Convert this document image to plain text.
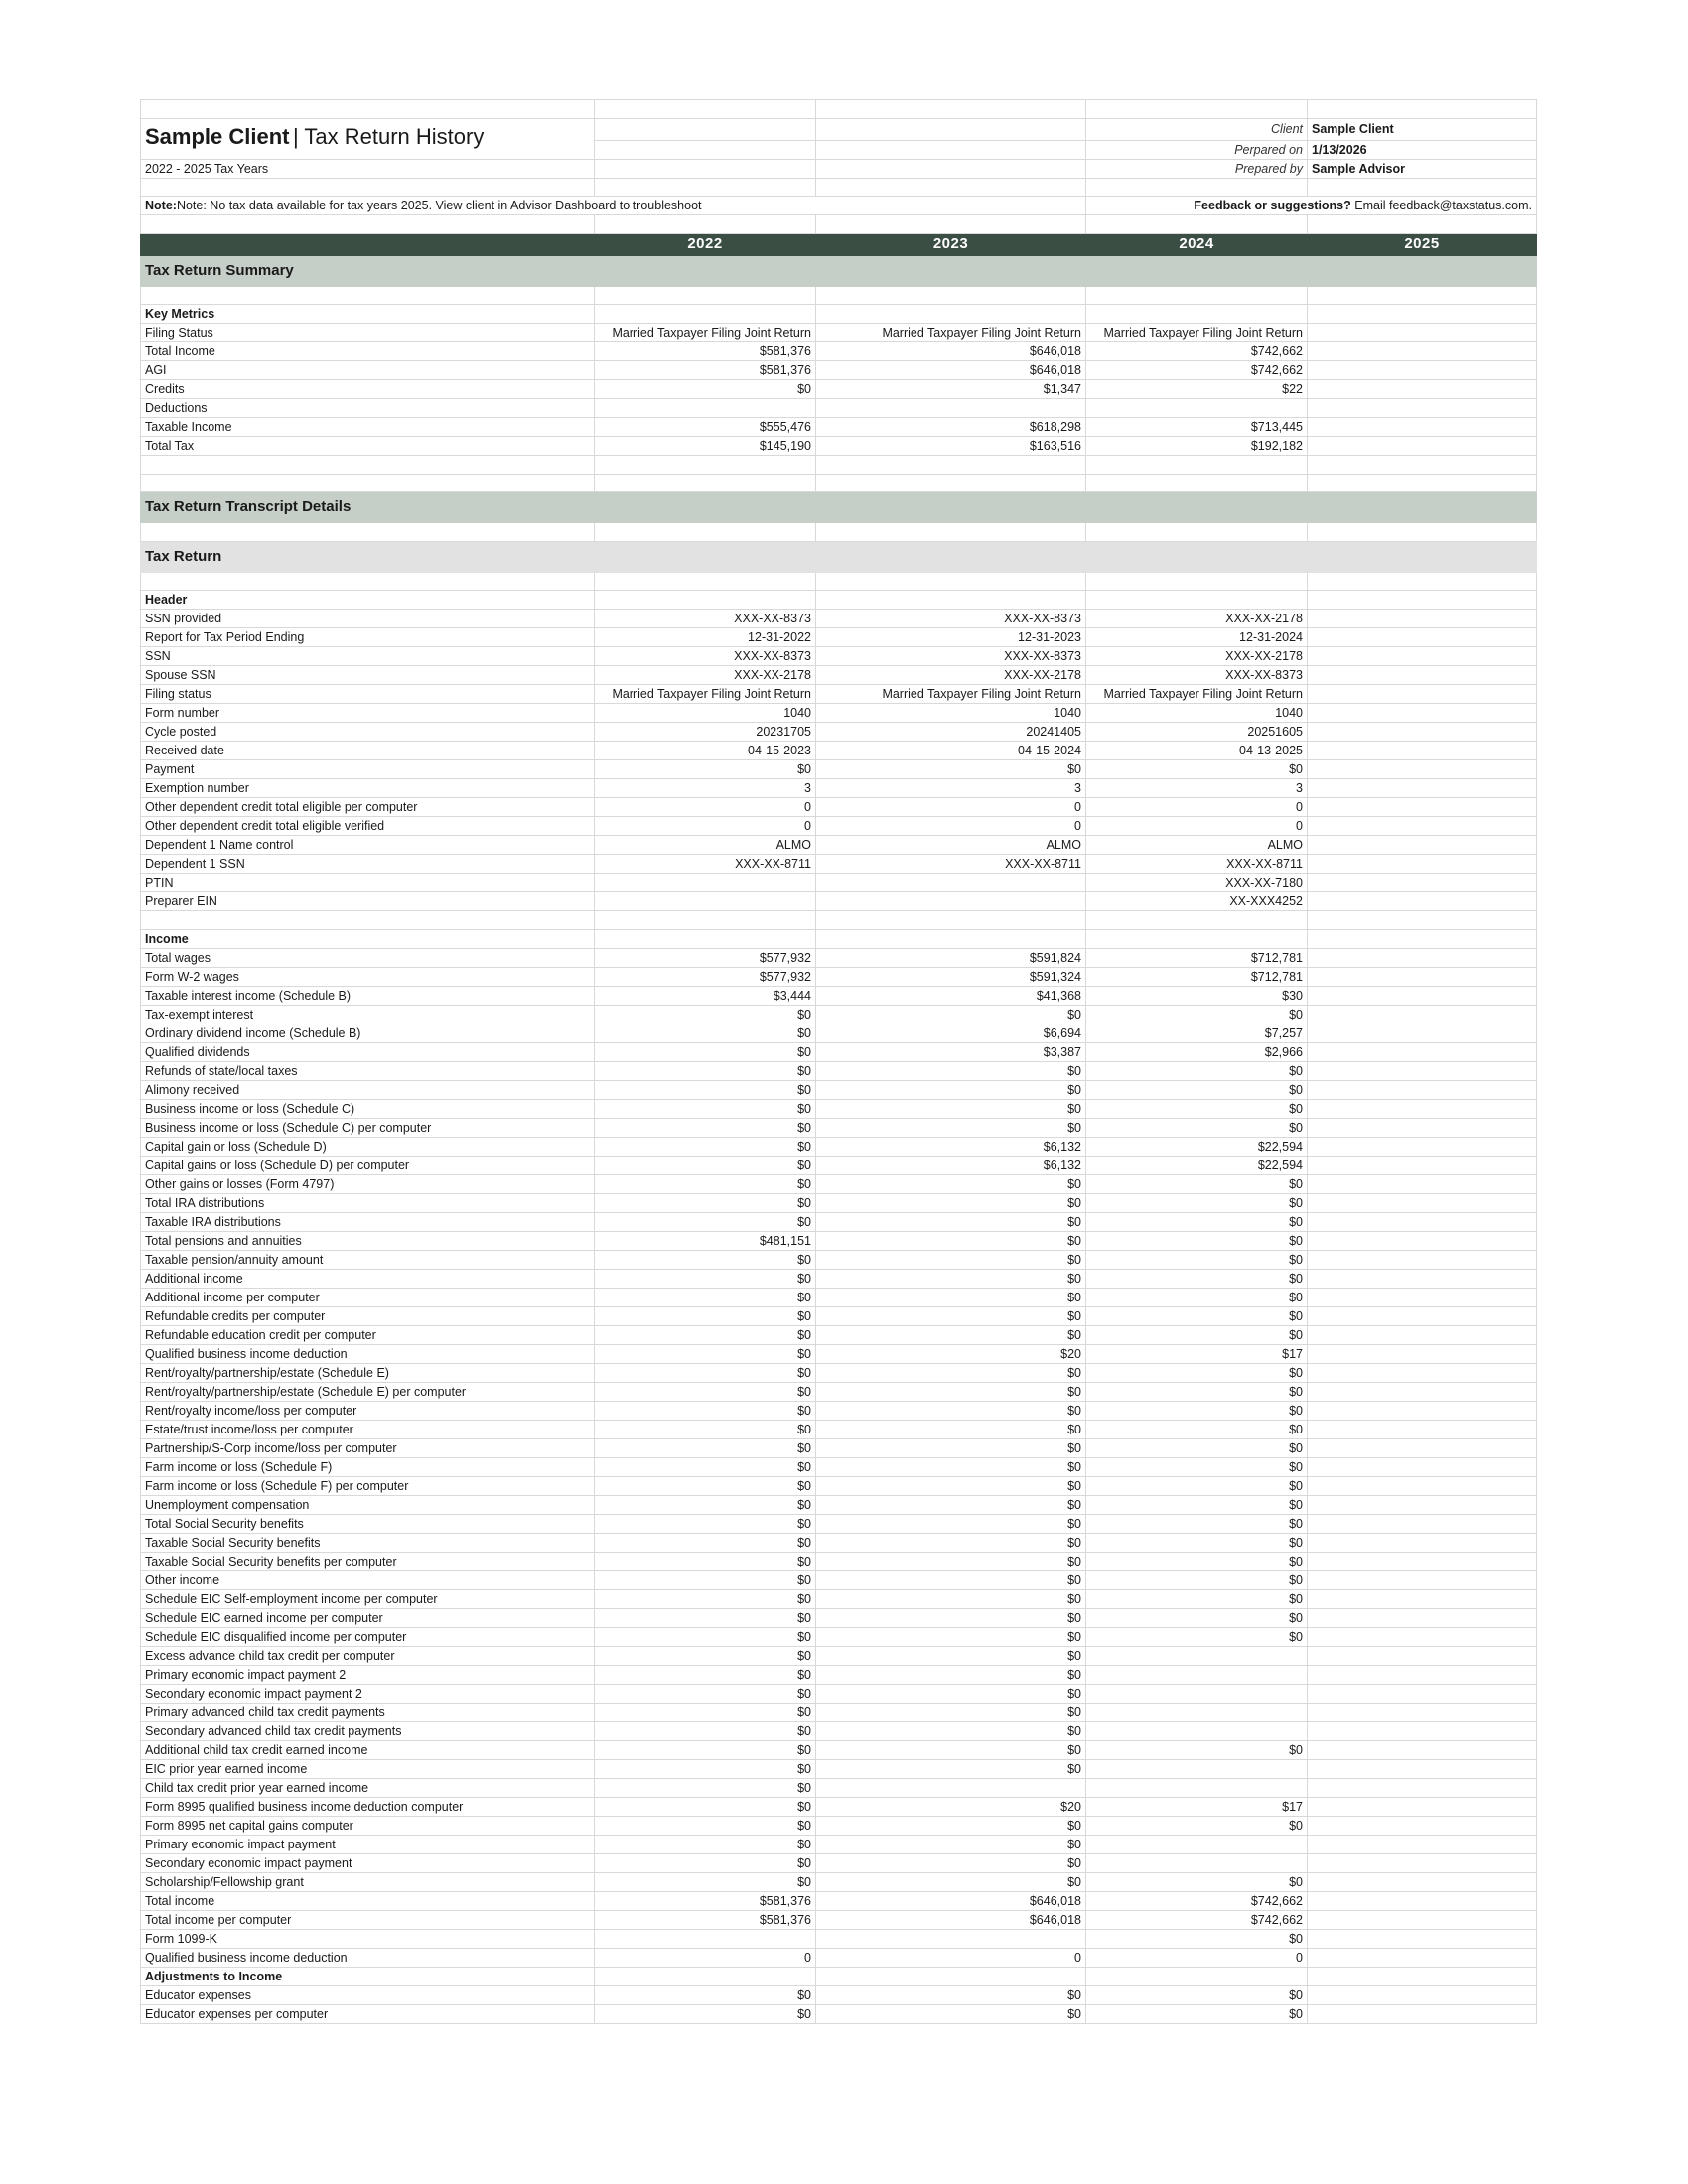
Sample Client | Tax Return History			Client	Sample Client
			Perpared on	1/13/2026
2022 - 2025 Tax Years			Prepared by	Sample Advisor

Note:Note: No tax data available for tax years 2025. View client in Advisor Dashboard to troubleshoot			Feedback or suggestions? Email feedback@taxstatus.com.	

	2022	2023	2024	2025
Tax Return Summary				

Key Metrics				
Filing Status	Married Taxpayer Filing Joint Return	Married Taxpayer Filing Joint Return	Married Taxpayer Filing Joint Return	
Total Income	$581,376	$646,018	$742,662	
AGI	$581,376	$646,018	$742,662	
Credits	$0	$1,347	$22	
Deductions				
Taxable Income	$555,476	$618,298	$713,445	
Total Tax	$145,190	$163,516	$192,182	

Tax Return Transcript Details				

Tax Return				

Header				
SSN provided	XXX-XX-8373	XXX-XX-8373	XXX-XX-2178	
Report for Tax Period Ending	12-31-2022	12-31-2023	12-31-2024	
SSN	XXX-XX-8373	XXX-XX-8373	XXX-XX-2178	
Spouse SSN	XXX-XX-2178	XXX-XX-2178	XXX-XX-8373	
Filing status	Married Taxpayer Filing Joint Return	Married Taxpayer Filing Joint Return	Married Taxpayer Filing Joint Return	
Form number	1040	1040	1040	
Cycle posted	20231705	20241405	20251605	
Received date	04-15-2023	04-15-2024	04-13-2025	
Payment	$0	$0	$0	
Exemption number	3	3	3	
Other dependent credit total eligible per computer	0	0	0	
Other dependent credit total eligible verified	0	0	0	
Dependent 1 Name control	ALMO	ALMO	ALMO	
Dependent 1 SSN	XXX-XX-8711	XXX-XX-8711	XXX-XX-8711	
PTIN			XXX-XX-7180	
Preparer EIN			XX-XXX4252	

Income				
Total wages	$577,932	$591,824	$712,781	
Form W-2 wages	$577,932	$591,324	$712,781	
Taxable interest income (Schedule B)	$3,444	$41,368	$30	
Tax-exempt interest	$0	$0	$0	
Ordinary dividend income (Schedule B)	$0	$6,694	$7,257	
Qualified dividends	$0	$3,387	$2,966	
Refunds of state/local taxes	$0	$0	$0	
Alimony received	$0	$0	$0	
Business income or loss (Schedule C)	$0	$0	$0	
Business income or loss (Schedule C) per computer	$0	$0	$0	
Capital gain or loss (Schedule D)	$0	$6,132	$22,594	
Capital gains or loss (Schedule D) per computer	$0	$6,132	$22,594	
Other gains or losses (Form 4797)	$0	$0	$0	
Total IRA distributions	$0	$0	$0	
Taxable IRA distributions	$0	$0	$0	
Total pensions and annuities	$481,151	$0	$0	
Taxable pension/annuity amount	$0	$0	$0	
Additional income	$0	$0	$0	
Additional income per computer	$0	$0	$0	
Refundable credits per computer	$0	$0	$0	
Refundable education credit per computer	$0	$0	$0	
Qualified business income deduction	$0	$20	$17	
Rent/royalty/partnership/estate (Schedule E)	$0	$0	$0	
Rent/royalty/partnership/estate (Schedule E) per computer	$0	$0	$0	
Rent/royalty income/loss per computer	$0	$0	$0	
Estate/trust income/loss per computer	$0	$0	$0	
Partnership/S-Corp income/loss per computer	$0	$0	$0	
Farm income or loss (Schedule F)	$0	$0	$0	
Farm income or loss (Schedule F) per computer	$0	$0	$0	
Unemployment compensation	$0	$0	$0	
Total Social Security benefits	$0	$0	$0	
Taxable Social Security benefits	$0	$0	$0	
Taxable Social Security benefits per computer	$0	$0	$0	
Other income	$0	$0	$0	
Schedule EIC Self-employment income per computer	$0	$0	$0	
Schedule EIC earned income per computer	$0	$0	$0	
Schedule EIC disqualified income per computer	$0	$0	$0	
Excess advance child tax credit per computer	$0	$0		
Primary economic impact payment 2	$0	$0		
Secondary economic impact payment 2	$0	$0		
Primary advanced child tax credit payments	$0	$0		
Secondary advanced child tax credit payments	$0	$0		
Additional child tax credit earned income	$0	$0	$0	
EIC prior year earned income	$0	$0		
Child tax credit prior year earned income	$0			
Form 8995 qualified business income deduction computer	$0	$20	$17	
Form 8995 net capital gains computer	$0	$0	$0	
Primary economic impact payment	$0	$0		
Secondary economic impact payment	$0	$0		
Scholarship/Fellowship grant	$0	$0	$0	
Total income	$581,376	$646,018	$742,662	
Total income per computer	$581,376	$646,018	$742,662	
Form 1099-K			$0	
Qualified business income deduction	0	0	0	
Adjustments to Income				
Educator expenses	$0	$0	$0	
Educator expenses per computer	$0	$0	$0	
